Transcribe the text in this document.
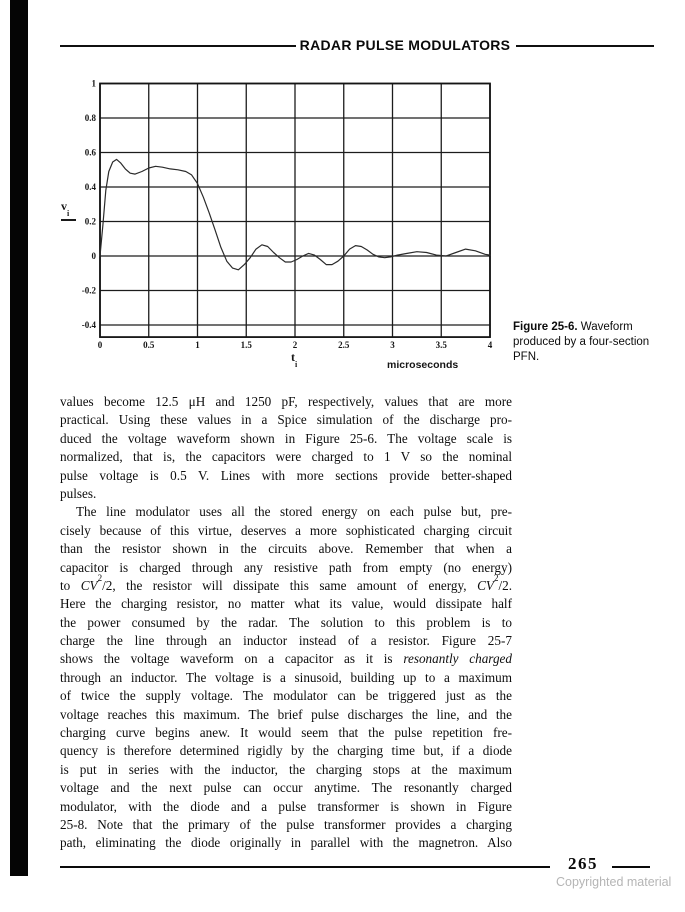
RADAR PULSE MODULATORS
1
0.8
0.6
0.4
0.2
0
-0.2
-0.4
0	0.5	1	1.5	2	2.5	3	3.5	4
$v_i$
$t_i$	microseconds
Figure 25-6. Waveform produced by a four-section PFN.
values become 12.5 μH and 1250 pF, respectively, values that are more
practical. Using these values in a Spice simulation of the discharge pro-
duced the voltage waveform shown in Figure 25-6. The voltage scale is
normalized, that is, the capacitors were charged to 1 V so the nominal
pulse voltage is 0.5 V. Lines with more sections provide better-shaped
pulses.
The line modulator uses all the stored energy on each pulse but, pre-
cisely because of this virtue, deserves a more sophisticated charging circuit
than the resistor shown in the circuits above. Remember that when a
capacitor is charged through any resistive path from empty (no energy)
to $CV^2/2$, the resistor will dissipate this same amount of energy, $CV^2/2$.
Here the charging resistor, no matter what its value, would dissipate half
the power consumed by the radar. The solution to this problem is to
charge the line through an inductor instead of a resistor. Figure 25-7
shows the voltage waveform on a capacitor as it is resonantly charged
through an inductor. The voltage is a sinusoid, building up to a maximum
of twice the supply voltage. The modulator can be triggered just as the
voltage reaches this maximum. The brief pulse discharges the line, and the
charging curve begins anew. It would seem that the pulse repetition fre-
quency is therefore determined rigidly by the charging time but, if a diode
is put in series with the inductor, the charging stops at the maximum
voltage and the next pulse can occur anytime. The resonantly charged
modulator, with the diode and a pulse transformer is shown in Figure
25-8. Note that the primary of the pulse transformer provides a charging
path, eliminating the diode originally in parallel with the magnetron. Also
265
Copyrighted material
